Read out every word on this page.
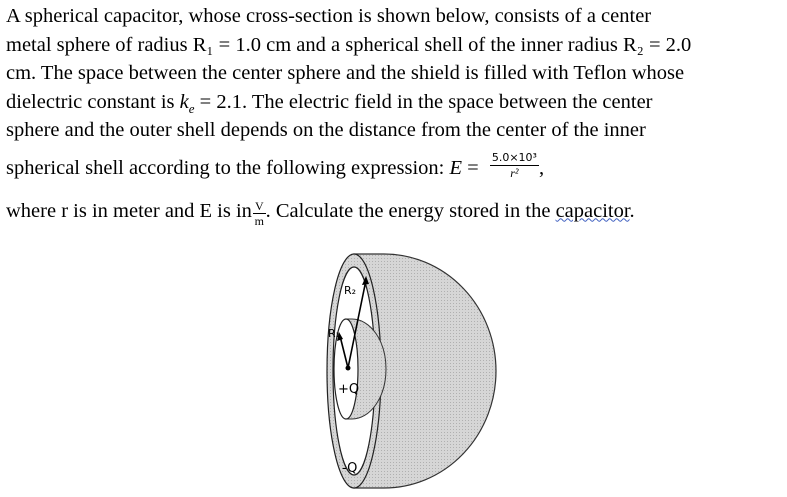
A spherical capacitor, whose cross-section is shown below, consists of a center
metal sphere of radius R₁ = 1.0 cm and a spherical shell of the inner radius R₂ = 2.0
cm. The space between the center sphere and the shield is filled with Teflon whose
dielectric constant is $k_e = 2.1$. The electric field in the space between the center
sphere and the outer shell depends on the distance from the center of the inner
spherical shell according to the following expression: $E = \frac{\text{5.0×10³}}{\text{r²}}$ ,
where r is in meter and E is in $\frac{V}{m}$ . Calculate the energy stored in the capacitor.
R₂
R₁
+Q
-Q
